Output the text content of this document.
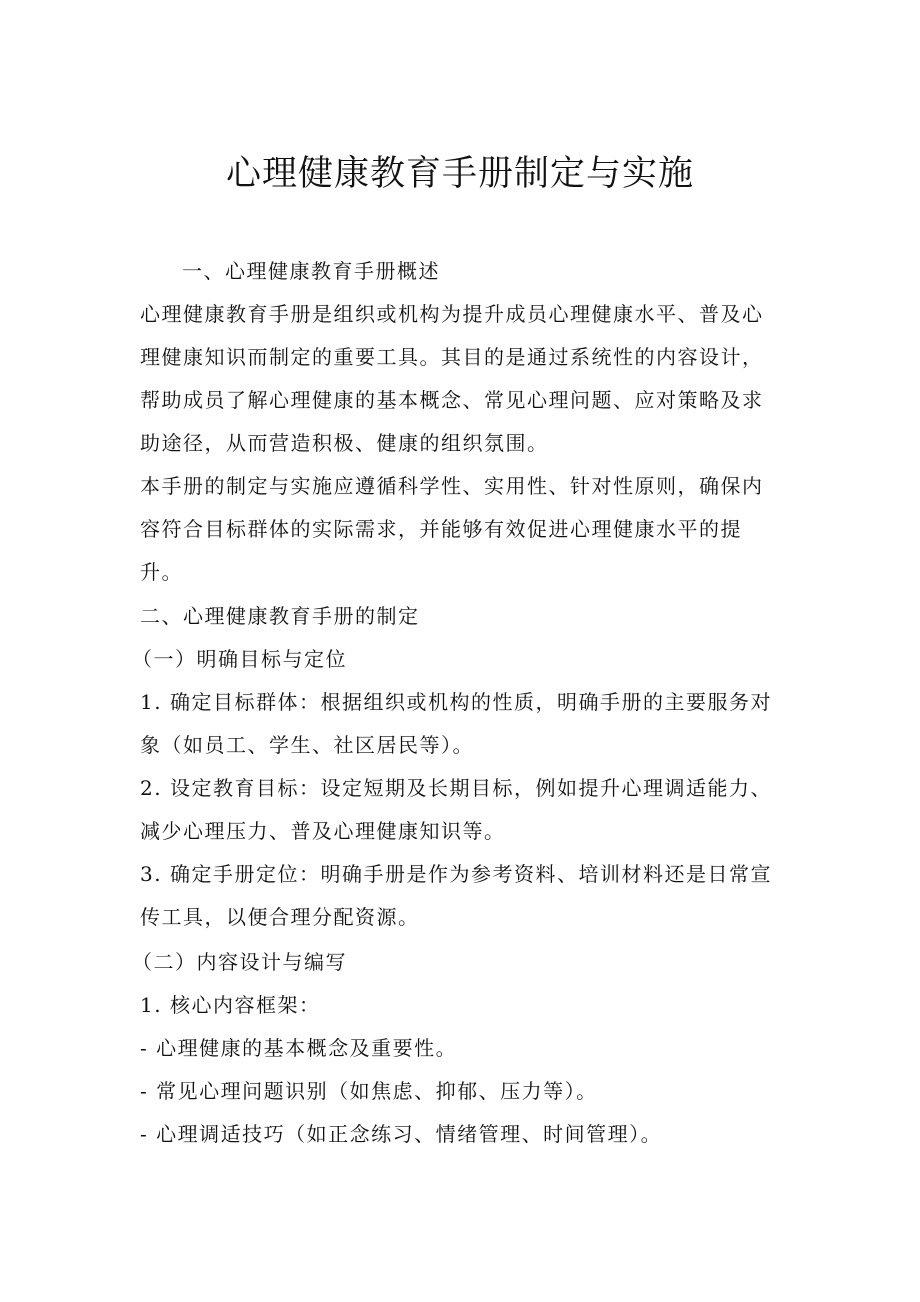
心理健康教育手册制定与实施

一、心理健康教育手册概述

心理健康教育手册是组织或机构为提升成员心理健康水平、普及心

理健康知识而制定的重要工具。其目的是通过系统性的内容设计，

帮助成员了解心理健康的基本概念、常见心理问题、应对策略及求

助途径，从而营造积极、健康的组织氛围。

本手册的制定与实施应遵循科学性、实用性、针对性原则，确保内

容符合目标群体的实际需求，并能够有效促进心理健康水平的提

升。

二、心理健康教育手册的制定

（一）明确目标与定位

1. 确定目标群体：根据组织或机构的性质，明确手册的主要服务对

象（如员工、学生、社区居民等）。

2. 设定教育目标：设定短期及长期目标，例如提升心理调适能力、

减少心理压力、普及心理健康知识等。

3. 确定手册定位：明确手册是作为参考资料、培训材料还是日常宣

传工具，以便合理分配资源。

（二）内容设计与编写

1. 核心内容框架：

- 心理健康的基本概念及重要性。

- 常见心理问题识别（如焦虑、抑郁、压力等）。

- 心理调适技巧（如正念练习、情绪管理、时间管理）。
